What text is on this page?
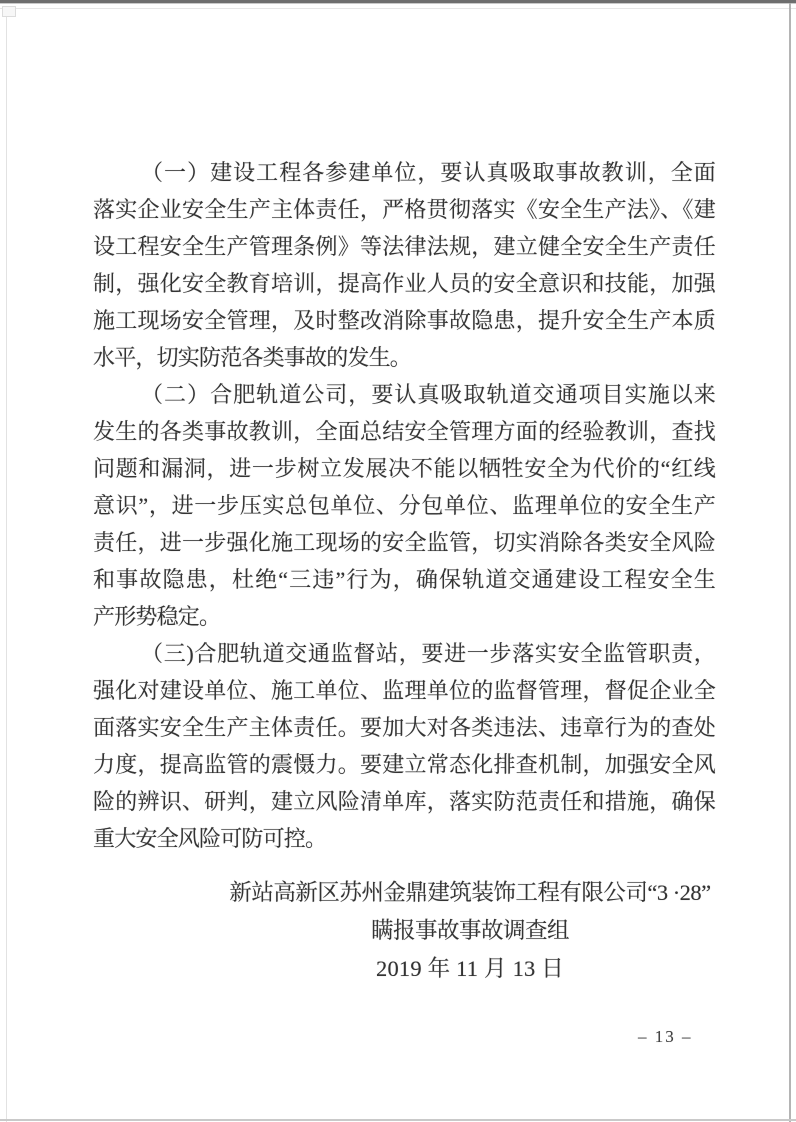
（一）建设工程各参建单位，要认真吸取事故教训，全面
落实企业安全生产主体责任，严格贯彻落实《安全生产法》、《建
设工程安全生产管理条例》等法律法规，建立健全安全生产责任
制，强化安全教育培训，提高作业人员的安全意识和技能，加强
施工现场安全管理，及时整改消除事故隐患，提升安全生产本质
水平，切实防范各类事故的发生。
（二）合肥轨道公司，要认真吸取轨道交通项目实施以来
发生的各类事故教训，全面总结安全管理方面的经验教训，查找
问题和漏洞，进一步树立发展决不能以牺牲安全为代价的“红线
意识”，进一步压实总包单位、分包单位、监理单位的安全生产
责任，进一步强化施工现场的安全监管，切实消除各类安全风险
和事故隐患，杜绝“三违”行为，确保轨道交通建设工程安全生
产形势稳定。
（三)合肥轨道交通监督站，要进一步落实安全监管职责，
强化对建设单位、施工单位、监理单位的监督管理，督促企业全
面落实安全生产主体责任。要加大对各类违法、违章行为的查处
力度，提高监管的震慑力。要建立常态化排查机制，加强安全风
险的辨识、研判，建立风险清单库，落实防范责任和措施，确保
重大安全风险可防可控。
新站高新区苏州金鼎建筑装饰工程有限公司“3 ·28”
瞒报事故事故调查组
2019 年 11 月 13 日
– 13 –
